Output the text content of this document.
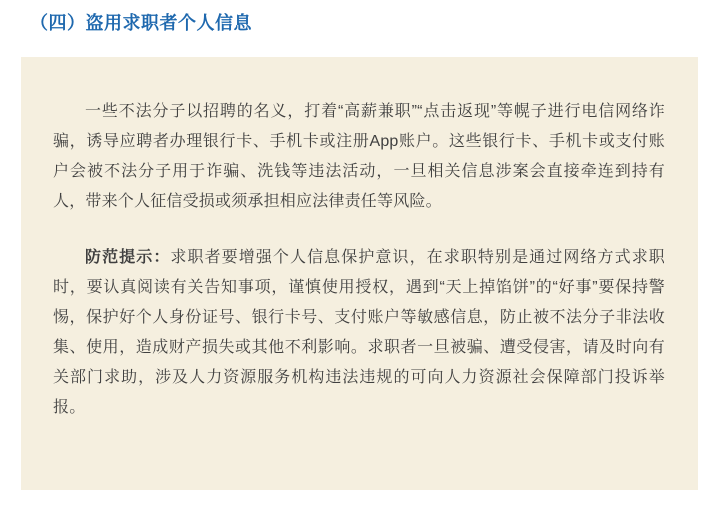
（四）盗用求职者个人信息

一些不法分子以招聘的名义，打着“高薪兼职”“点击返现”等幌子进行电信网络诈骗，诱导应聘者办理银行卡、手机卡或注册App账户。这些银行卡、手机卡或支付账户会被不法分子用于诈骗、洗钱等违法活动，一旦相关信息涉案会直接牵连到持有人，带来个人征信受损或须承担相应法律责任等风险。

防范提示：求职者要增强个人信息保护意识，在求职特别是通过网络方式求职时，要认真阅读有关告知事项，谨慎使用授权，遇到“天上掉馅饼”的“好事”要保持警惕，保护好个人身份证号、银行卡号、支付账户等敏感信息，防止被不法分子非法收集、使用，造成财产损失或其他不利影响。求职者一旦被骗、遭受侵害，请及时向有关部门求助，涉及人力资源服务机构违法违规的可向人力资源社会保障部门投诉举报。
